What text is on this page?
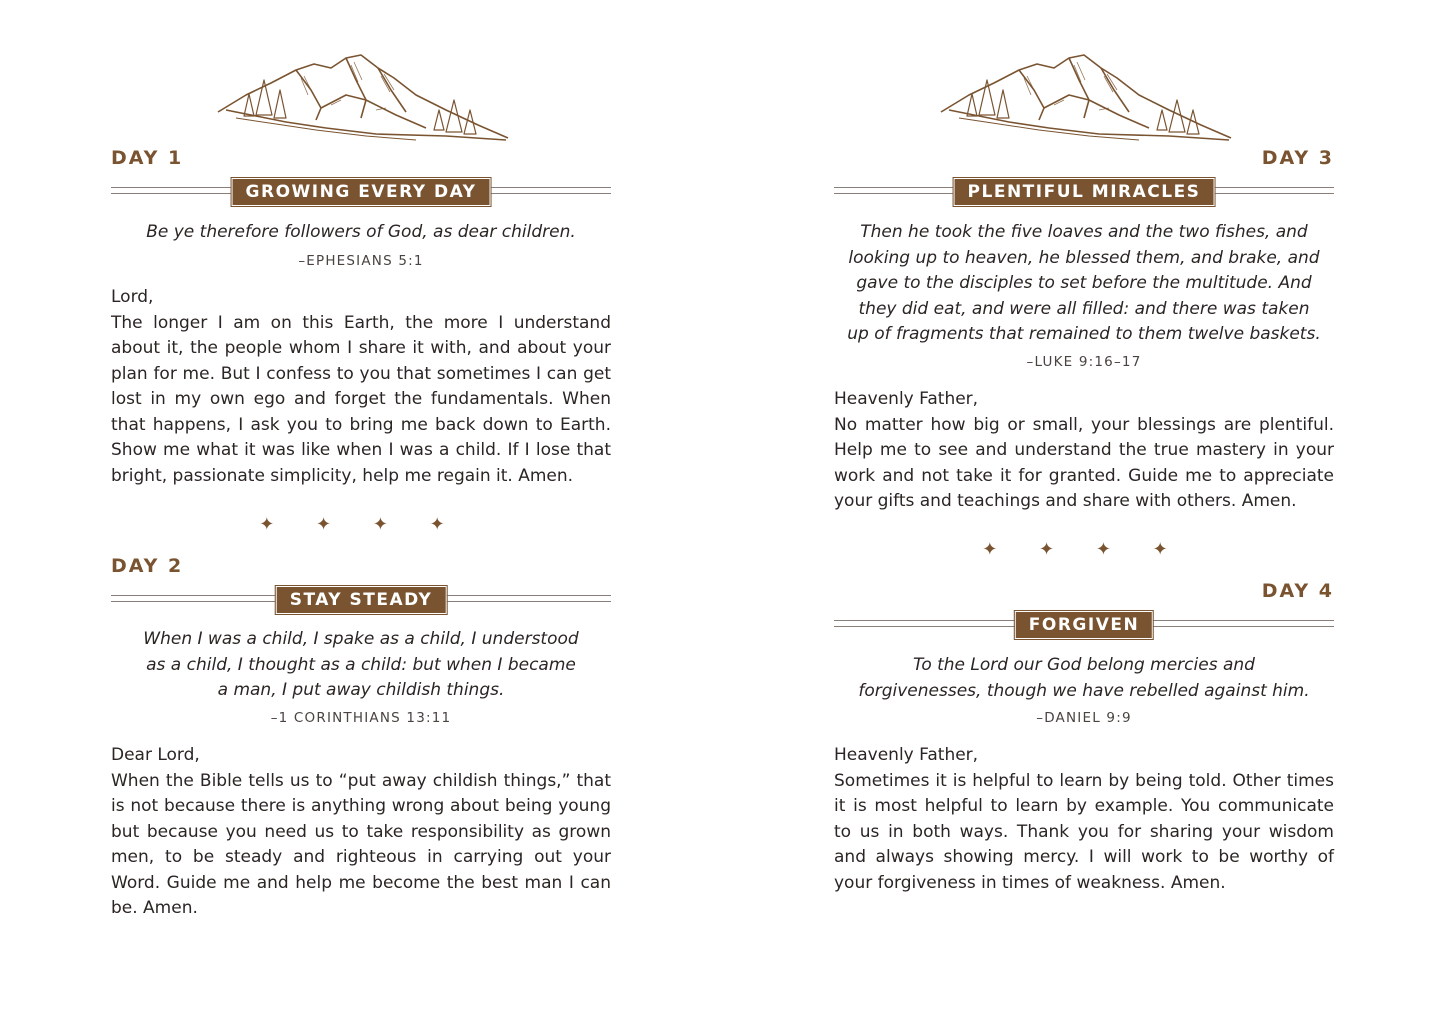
DAY 1
GROWING EVERY DAY
Be ye therefore followers of God, as dear children.
–EPHESIANS 5:1
Lord,
The longer I am on this Earth, the more I understand about it, the people whom I share it with, and about your plan for me. But I confess to you that sometimes I can get lost in my own ego and forget the fundamentals. When that happens, I ask you to bring me back down to Earth. Show me what it was like when I was a child. If I lose that bright, passionate simplicity, help me regain it. Amen.
✦ ✦ ✦ ✦
DAY 2
STAY STEADY
When I was a child, I spake as a child, I understood
as a child, I thought as a child: but when I became
a man, I put away childish things.
–1 CORINTHIANS 13:11
Dear Lord,
When the Bible tells us to “put away childish things,” that is not because there is anything wrong about being young but because you need us to take responsibility as grown men, to be steady and righteous in carrying out your Word. Guide me and help me become the best man I can be. Amen.
DAY 3
PLENTIFUL MIRACLES
Then he took the five loaves and the two fishes, and
looking up to heaven, he blessed them, and brake, and
gave to the disciples to set before the multitude. And
they did eat, and were all filled: and there was taken
up of fragments that remained to them twelve baskets.
–LUKE 9:16–17
Heavenly Father,
No matter how big or small, your blessings are plentiful. Help me to see and understand the true mastery in your work and not take it for granted. Guide me to appreciate your gifts and teachings and share with others. Amen.
✦ ✦ ✦ ✦
DAY 4
FORGIVEN
To the Lord our God belong mercies and
forgivenesses, though we have rebelled against him.
–DANIEL 9:9
Heavenly Father,
Sometimes it is helpful to learn by being told. Other times it is most helpful to learn by example. You communicate to us in both ways. Thank you for sharing your wisdom and always showing mercy. I will work to be worthy of your forgiveness in times of weakness. Amen.
